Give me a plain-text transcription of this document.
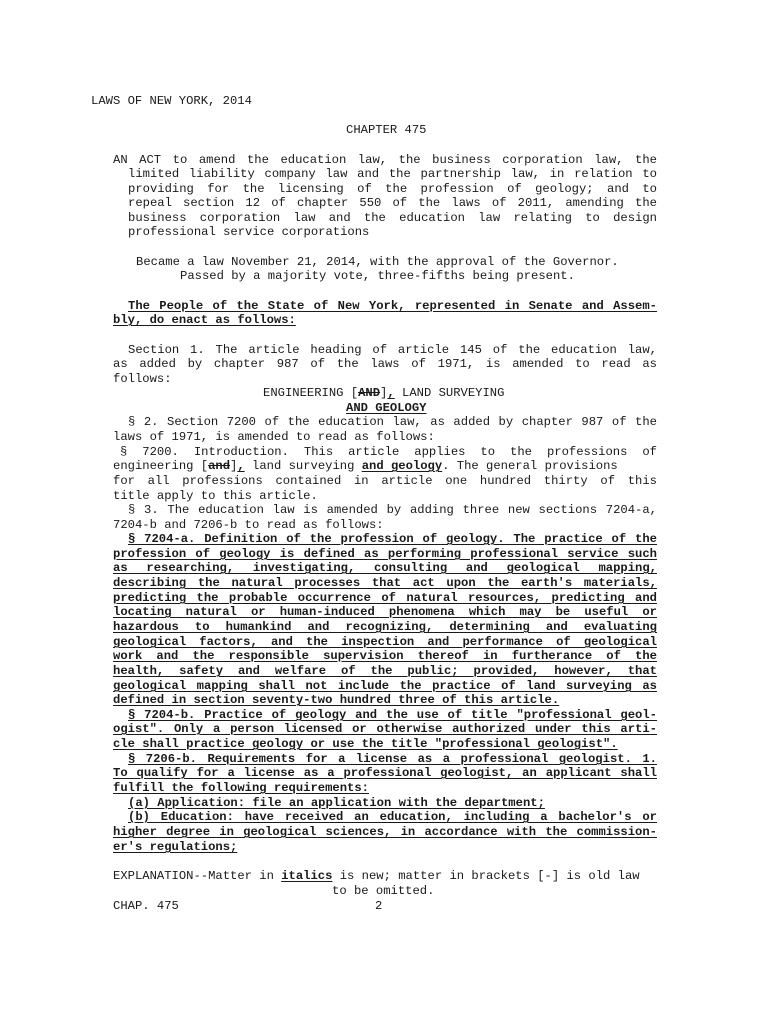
LAWS OF NEW YORK, 2014
CHAPTER 475
AN ACT to amend the education law, the business corporation law, the
limited liability company law and the partnership law, in relation to
providing for the licensing of the profession of geology; and to
repeal section 12 of chapter 550 of the laws of 2011, amending the
business corporation law and the education law relating to design
professional service corporations
Became a law November 21, 2014, with the approval of the Governor.
Passed by a majority vote, three-fifths being present.
The People of the State of New York, represented in Senate and Assem-
bly, do enact as follows:
Section 1. The article heading of article 145 of the education law,
as added by chapter 987 of the laws of 1971, is amended to read as
follows:
ENGINEERING [AND], LAND SURVEYING
AND GEOLOGY
§ 2. Section 7200 of the education law, as added by chapter 987 of the
laws of 1971, is amended to read as follows:
§ 7200. Introduction. This article applies to the professions of
engineering [and], land surveying and geology. The general provisions
for all professions contained in article one hundred thirty of this
title apply to this article.
§ 3. The education law is amended by adding three new sections 7204-a,
7204-b and 7206-b to read as follows:
§ 7204-a. Definition of the profession of geology. The practice of the
profession of geology is defined as performing professional service such
as researching, investigating, consulting and geological mapping,
describing the natural processes that act upon the earth's materials,
predicting the probable occurrence of natural resources, predicting and
locating natural or human-induced phenomena which may be useful or
hazardous to humankind and recognizing, determining and evaluating
geological factors, and the inspection and performance of geological
work and the responsible supervision thereof in furtherance of the
health, safety and welfare of the public; provided, however, that
geological mapping shall not include the practice of land surveying as
defined in section seventy-two hundred three of this article.
§ 7204-b. Practice of geology and the use of title "professional geol-
ogist". Only a person licensed or otherwise authorized under this arti-
cle shall practice geology or use the title "professional geologist".
§ 7206-b. Requirements for a license as a professional geologist. 1.
To qualify for a license as a professional geologist, an applicant shall
fulfill the following requirements:
(a) Application: file an application with the department;
(b) Education: have received an education, including a bachelor's or
higher degree in geological sciences, in accordance with the commission-
er's regulations;
EXPLANATION--Matter in italics is new; matter in brackets [-] is old law
to be omitted.
CHAP. 475	2
